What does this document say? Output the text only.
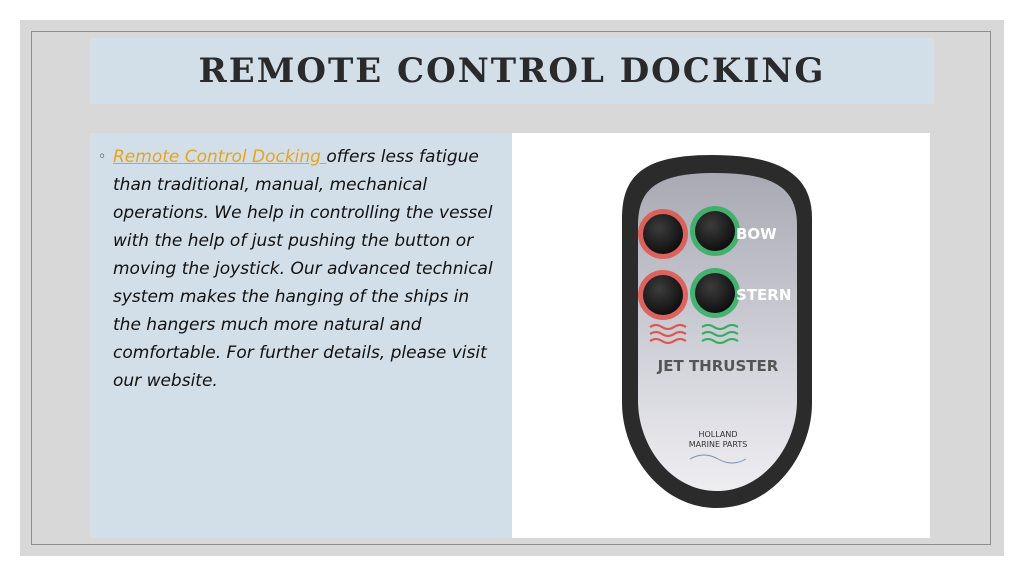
REMOTE CONTROL DOCKING
◦ Remote Control Docking offers less fatigue than traditional, manual, mechanical operations. We help in controlling the vessel with the help of just pushing the button or moving the joystick. Our advanced technical system makes the hanging of the ships in the hangers much more natural and comfortable. For further details, please visit our website.

BOW
STERN
JET THRUSTER
HOLLAND
MARINE PARTS
